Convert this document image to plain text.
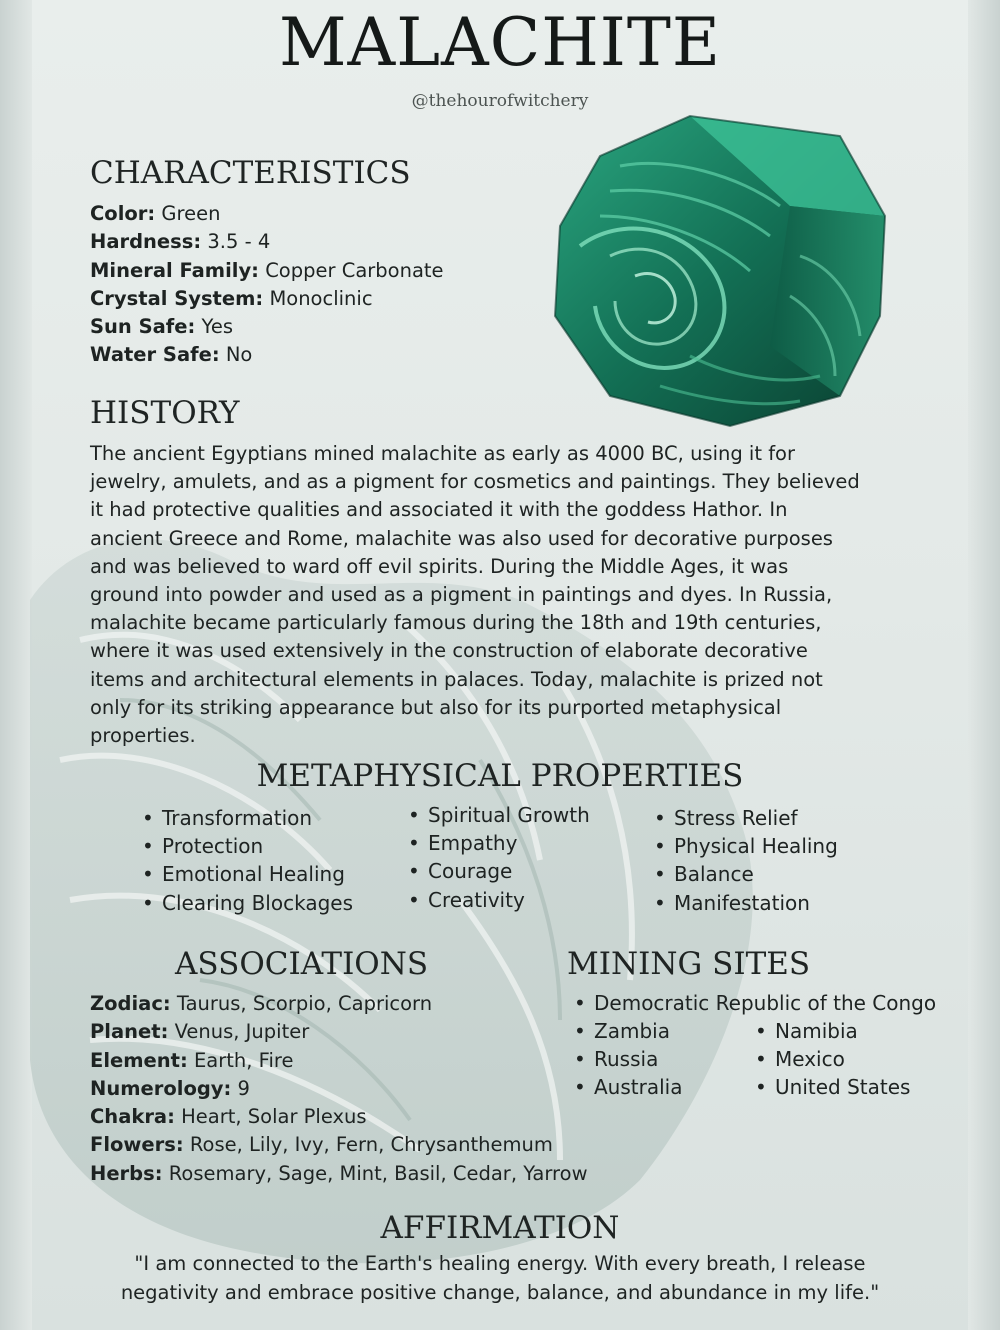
MALACHITE
@thehourofwitchery
CHARACTERISTICS
Color: Green
Hardness: 3.5 - 4
Mineral Family: Copper Carbonate
Crystal System: Monoclinic
Sun Safe: Yes
Water Safe: No
HISTORY
The ancient Egyptians mined malachite as early as 4000 BC, using it for
jewelry, amulets, and as a pigment for cosmetics and paintings. They believed
it had protective qualities and associated it with the goddess Hathor. In
ancient Greece and Rome, malachite was also used for decorative purposes
and was believed to ward off evil spirits. During the Middle Ages, it was
ground into powder and used as a pigment in paintings and dyes. In Russia,
malachite became particularly famous during the 18th and 19th centuries,
where it was used extensively in the construction of elaborate decorative
items and architectural elements in palaces. Today, malachite is prized not
only for its striking appearance but also for its purported metaphysical
properties.
METAPHYSICAL PROPERTIES
• Transformation
• Protection
• Emotional Healing
• Clearing Blockages
• Spiritual Growth
• Empathy
• Courage
• Creativity
• Stress Relief
• Physical Healing
• Balance
• Manifestation
ASSOCIATIONS
Zodiac: Taurus, Scorpio, Capricorn
Planet: Venus, Jupiter
Element: Earth, Fire
Numerology: 9
Chakra: Heart, Solar Plexus
Flowers: Rose, Lily, Ivy, Fern, Chrysanthemum
Herbs: Rosemary, Sage, Mint, Basil, Cedar, Yarrow
MINING SITES
• Democratic Republic of the Congo
• Zambia
• Russia
• Australia
• Namibia
• Mexico
• United States
AFFIRMATION
"I am connected to the Earth's healing energy. With every breath, I release
negativity and embrace positive change, balance, and abundance in my life."
